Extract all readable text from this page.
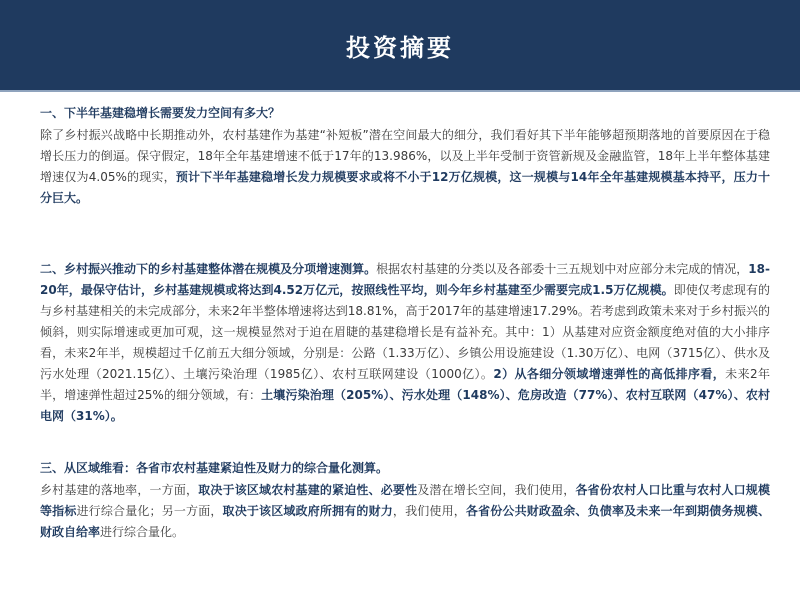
投资摘要
一、下半年基建稳增长需要发力空间有多大？

除了乡村振兴战略中长期推动外，农村基建作为基建“补短板”潜在空间最大的细分，我们看好其下半年能够超预期落地的首要原因在于稳增长压力的倒逼。保守假定，18年全年基建增速不低于17年的13.986%，以及上半年受制于资管新规及金融监管，18年上半年整体基建增速仅为4.05%的现实，预计下半年基建稳增长发力规模要求或将不小于12万亿规模，这一规模与14年全年基建规模基本持平，压力十分巨大。

二、乡村振兴推动下的乡村基建整体潜在规模及分项增速测算。根据农村基建的分类以及各部委十三五规划中对应部分未完成的情况，18-20年，最保守估计，乡村基建规模或将达到4.52万亿元，按照线性平均，则今年乡村基建至少需要完成1.5万亿规模。即使仅考虑现有的与乡村基建相关的未完成部分，未来2年半整体增速将达到18.81%，高于2017年的基建增速17.29%。若考虑到政策未来对于乡村振兴的倾斜，则实际增速或更加可观，这一规模显然对于迫在眉睫的基建稳增长是有益补充。其中：1）从基建对应资金额度绝对值的大小排序看，未来2年半，规模超过千亿前五大细分领域，分别是：公路（1.33万亿）、乡镇公用设施建设（1.30万亿）、电网（3715亿）、供水及污水处理（2021.15亿）、土壤污染治理（1985亿）、农村互联网建设（1000亿）。2）从各细分领域增速弹性的高低排序看，未来2年半，增速弹性超过25%的细分领域，有：土壤污染治理（205%）、污水处理（148%）、危房改造（77%）、农村互联网（47%）、农村电网（31%）。

三、从区域维看：各省市农村基建紧迫性及财力的综合量化测算。

乡村基建的落地率，一方面，取决于该区域农村基建的紧迫性、必要性及潜在增长空间，我们使用，各省份农村人口比重与农村人口规模等指标进行综合量化；另一方面，取决于该区域政府所拥有的财力，我们使用，各省份公共财政盈余、负债率及未来一年到期债务规模、财政自给率进行综合量化。
